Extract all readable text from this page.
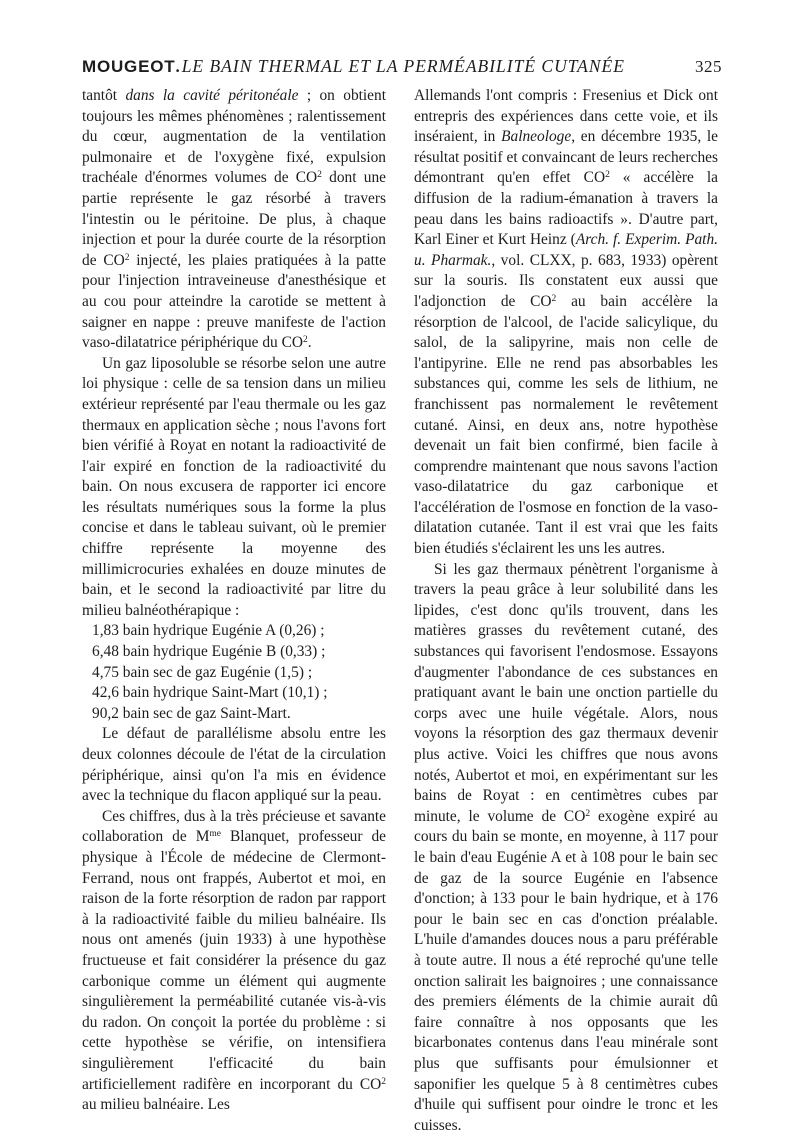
MOUGEOT . LE BAIN THERMAL ET LA PERMÉABILITÉ CUTANÉE	325

tantôt dans la cavité péritonéale ; on obtient toujours les mêmes phénomènes ; ralentissement du cœur, augmentation de la ventilation pulmonaire et de l'oxygène fixé, expulsion trachéale d'énormes volumes de $CO^2$ dont une partie représente le gaz résorbé à travers l'intestin ou le péritoine. De plus, à chaque injection et pour la durée courte de la résorption de $CO^2$ injecté, les plaies pratiquées à la patte pour l'injection intraveineuse d'anesthésique et au cou pour atteindre la carotide se mettent à saigner en nappe : preuve manifeste de l'action vaso-dilatatrice périphérique du $CO^2$.

Un gaz liposoluble se résorbe selon une autre loi physique : celle de sa tension dans un milieu extérieur représenté par l'eau thermale ou les gaz thermaux en application sèche ; nous l'avons fort bien vérifié à Royat en notant la radioactivité de l'air expiré en fonction de la radioactivité du bain. On nous excusera de rapporter ici encore les résultats numériques sous la forme la plus concise et dans le tableau suivant, où le premier chiffre représente la moyenne des millimicrocuries exhalées en douze minutes de bain, et le second la radioactivité par litre du milieu balnéothérapique :

1,83 bain hydrique Eugénie A (0,26) ;
6,48 bain hydrique Eugénie B (0,33) ;
4,75 bain sec de gaz Eugénie (1,5) ;
42,6 bain hydrique Saint-Mart (10,1) ;
90,2 bain sec de gaz Saint-Mart.

Le défaut de parallélisme absolu entre les deux colonnes découle de l'état de la circulation périphérique, ainsi qu'on l'a mis en évidence avec la technique du flacon appliqué sur la peau.

Ces chiffres, dus à la très précieuse et savante collaboration de $M^{me}$ Blanquet, professeur de physique à l'École de médecine de Clermont-Ferrand, nous ont frappés, Aubertot et moi, en raison de la forte résorption de radon par rapport à la radioactivité faible du milieu balnéaire. Ils nous ont amenés (juin 1933) à une hypothèse fructueuse et fait considérer la présence du gaz carbonique comme un élément qui augmente singulièrement la perméabilité cutanée vis-à-vis du radon. On conçoit la portée du problème : si cette hypothèse se vérifie, on intensifiera singulièrement l'efficacité du bain artificiellement radifère en incorporant du $CO^2$ au milieu balnéaire. Les

Allemands l'ont compris : Fresenius et Dick ont entrepris des expériences dans cette voie, et ils inséraient, in Balneologe, en décembre 1935, le résultat positif et convaincant de leurs recherches démontrant qu'en effet $CO^2$ « accélère la diffusion de la radium-émanation à travers la peau dans les bains radioactifs ». D'autre part, Karl Einer et Kurt Heinz (Arch. f. Experim. Path. u. Pharmak., vol. CLXX, p. 683, 1933) opèrent sur la souris. Ils constatent eux aussi que l'adjonction de $CO^2$ au bain accélère la résorption de l'alcool, de l'acide salicylique, du salol, de la salipyrine, mais non celle de l'antipyrine. Elle ne rend pas absorbables les substances qui, comme les sels de lithium, ne franchissent pas normalement le revêtement cutané. Ainsi, en deux ans, notre hypothèse devenait un fait bien confirmé, bien facile à comprendre maintenant que nous savons l'action vaso-dilatatrice du gaz carbonique et l'accélération de l'osmose en fonction de la vaso-dilatation cutanée. Tant il est vrai que les faits bien étudiés s'éclairent les uns les autres.

Si les gaz thermaux pénètrent l'organisme à travers la peau grâce à leur solubilité dans les lipides, c'est donc qu'ils trouvent, dans les matières grasses du revêtement cutané, des substances qui favorisent l'endosmose. Essayons d'augmenter l'abondance de ces substances en pratiquant avant le bain une onction partielle du corps avec une huile végétale. Alors, nous voyons la résorption des gaz thermaux devenir plus active. Voici les chiffres que nous avons notés, Aubertot et moi, en expérimentant sur les bains de Royat : en centimètres cubes par minute, le volume de $CO^2$ exogène expiré au cours du bain se monte, en moyenne, à 117 pour le bain d'eau Eugénie A et à 108 pour le bain sec de gaz de la source Eugénie en l'absence d'onction; à 133 pour le bain hydrique, et à 176 pour le bain sec en cas d'onction préalable. L'huile d'amandes douces nous a paru préférable à toute autre. Il nous a été reproché qu'une telle onction salirait les baignoires ; une connaissance des premiers éléments de la chimie aurait dû faire connaître à nos opposants que les bicarbonates contenus dans l'eau minérale sont plus que suffisants pour émulsionner et saponifier les quelque 5 à 8 centimètres cubes d'huile qui suffisent pour oindre le tronc et les cuisses.
